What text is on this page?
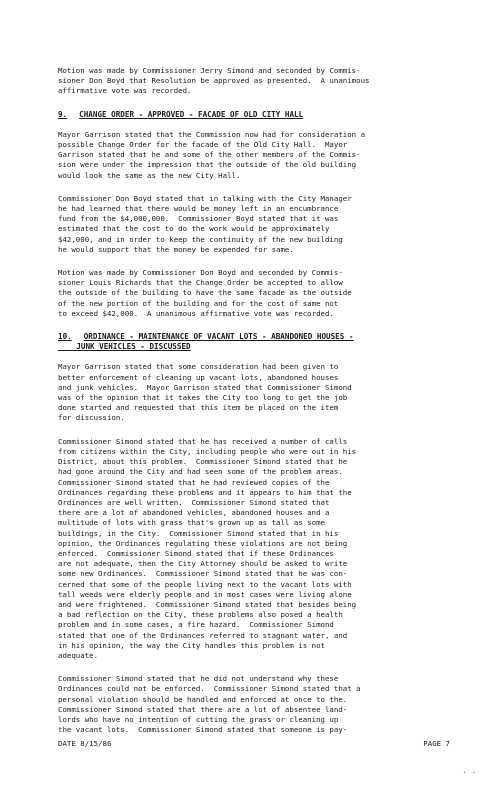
Motion was made by Commissioner Jerry Simond and seconded by Commis-
sioner Don Boyd that Resolution be approved as presented.  A unanimous
affirmative vote was recorded.

9. CHANGE ORDER - APPROVED - FACADE OF OLD CITY HALL

Mayor Garrison stated that the Commission now had for consideration a
possible Change Order for the facade of the Old City Hall.  Mayor
Garrison stated that he and some of the other members of the Commis-
sion were under the impression that the outside of the old building
would look the same as the new City Hall.

Commissioner Don Boyd stated that in talking with the City Manager
he had learned that there would be money left in an encumbrance
fund from the $4,000,000.  Commissioner Boyd stated that it was
estimated that the cost to do the work would be approximately
$42,000, and in order to keep the continuity of the new building
he would support that the money be expended for same.

Motion was made by Commissioner Don Boyd and seconded by Commis-
sioner Louis Richards that the Change Order be accepted to allow
the outside of the building to have the same facade as the outside
of the new portion of the building and for the cost of same not
to exceed $42,000.  A unanimous affirmative vote was recorded.

10. ORDINANCE - MAINTENANCE OF VACANT LOTS - ABANDONED HOUSES -
JUNK VEHICLES - DISCUSSED

Mayor Garrison stated that some consideration had been given to
better enforcement of cleaning up vacant lots, abandoned houses
and junk vehicles.  Mayor Garrison stated that Commissioner Simond
was of the opinion that it takes the City too long to get the job
done started and requested that this item be placed on the item
for discussion.

Commissioner Simond stated that he has received a number of calls
from citizens within the City, including people who were out in his
District, about this problem.  Commissioner Simond stated that he
had gone around the City and had seen some of the problem areas.
Commissioner Simond stated that he had reviewed copies of the
Ordinances regarding these problems and it appears to him that the
Ordinances are well written.  Commissioner Simond stated that
there are a lot of abandoned vehicles, abandoned houses and a
multitude of lots with grass that's grown up as tall as some
buildings, in the City.  Commissioner Simond stated that in his
opinion, the Ordinances regulating these violations are not being
enforced.  Commissioner Simond stated that if these Ordinances
are not adequate, then the City Attorney should be asked to write
some new Ordinances.  Commissioner Simond stated that he was con-
cerned that some of the people living next to the vacant lots with
tall weeds were elderly people and in most cases were living alone
and were frightened.  Commissioner Simond stated that besides being
a bad reflection on the City, these problems also posed a health
problem and in some cases, a fire hazard.  Commissioner Simond
stated that one of the Ordinances referred to stagnant water, and
in his opinion, the way the City handles this problem is not
adequate.

Commissioner Simond stated that he did not understand why these
Ordinances could not be enforced.  Commissioner Simond stated that a
personal violation should be handled and enforced at once to the.
Commissioner Simond stated that there are a lot of absentee land-
lords who have no intention of cutting the grass or cleaning up
the vacant lots.  Commissioner Simond stated that someone is pay-

DATE 8/15/86	PAGE 7
· ·
